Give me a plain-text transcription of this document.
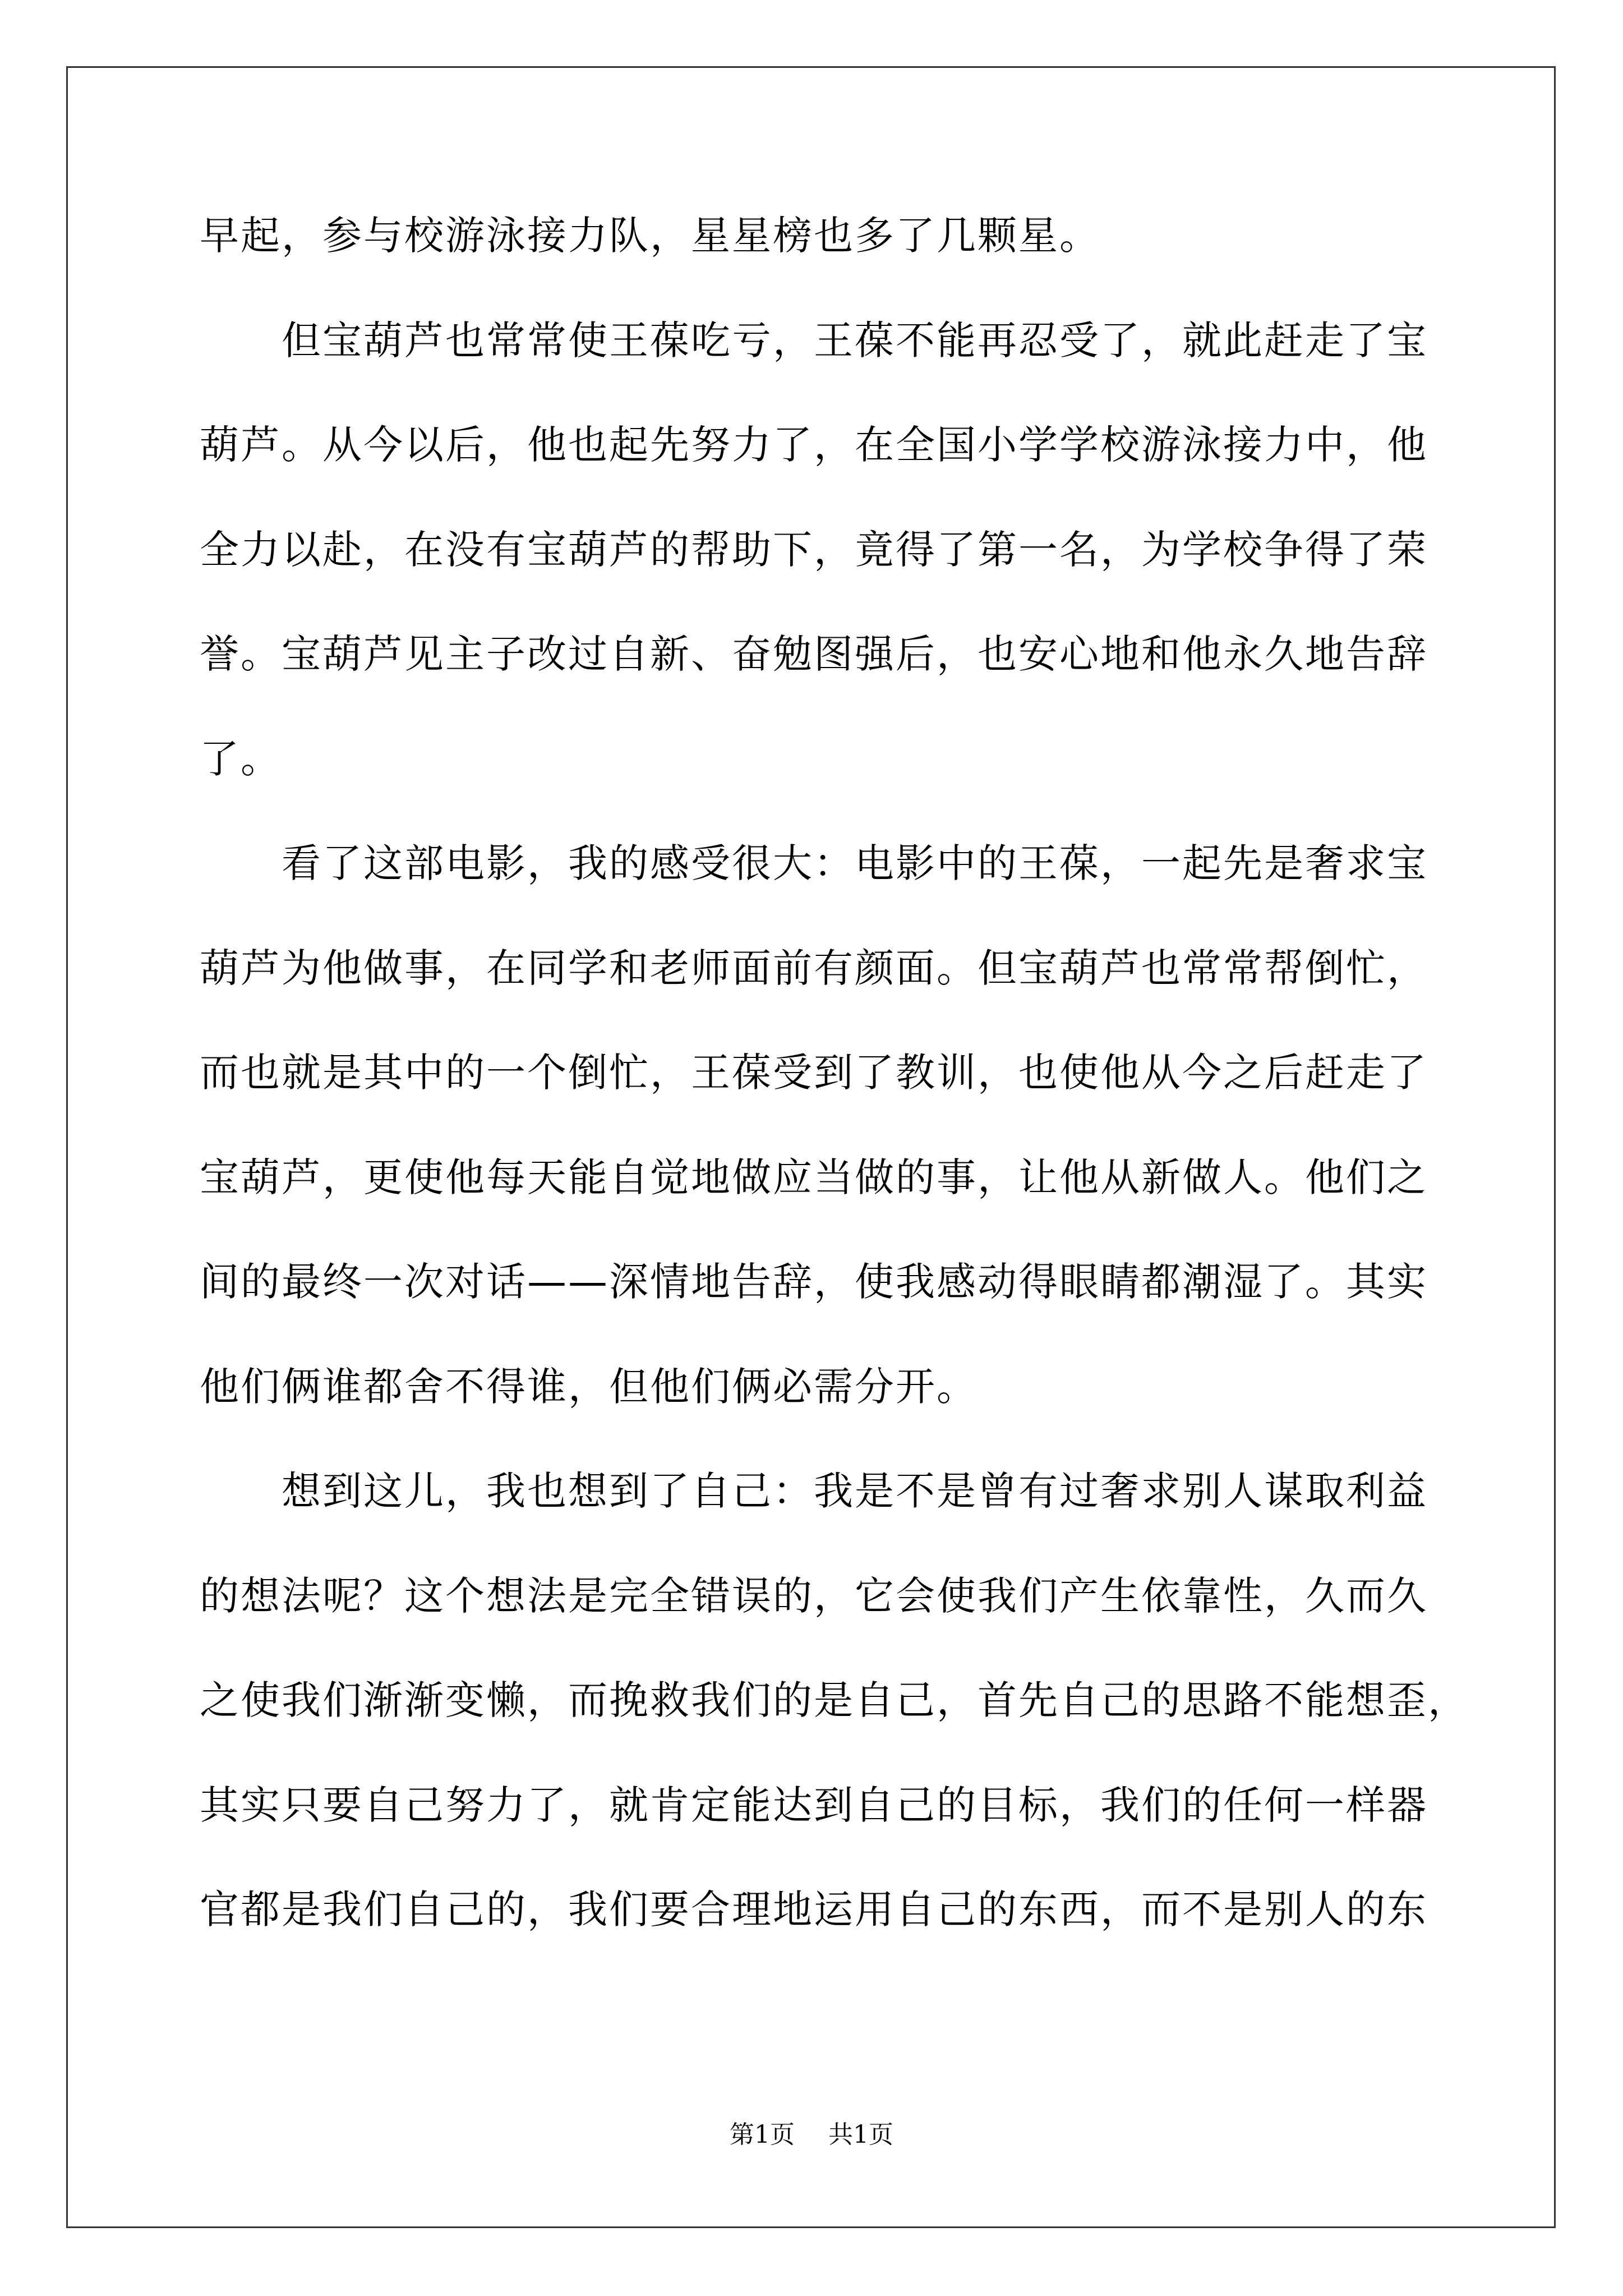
早起，参与校游泳接力队，星星榜也多了几颗星。
　　但宝葫芦也常常使王葆吃亏，王葆不能再忍受了，就此赶走了宝
葫芦。从今以后，他也起先努力了，在全国小学学校游泳接力中，他
全力以赴，在没有宝葫芦的帮助下，竟得了第一名，为学校争得了荣
誉。宝葫芦见主子改过自新、奋勉图强后，也安心地和他永久地告辞
了。
　　看了这部电影，我的感受很大：电影中的王葆，一起先是奢求宝
葫芦为他做事，在同学和老师面前有颜面。但宝葫芦也常常帮倒忙，
而也就是其中的一个倒忙，王葆受到了教训，也使他从今之后赶走了
宝葫芦，更使他每天能自觉地做应当做的事，让他从新做人。他们之
间的最终一次对话——深情地告辞，使我感动得眼睛都潮湿了。其实
他们俩谁都舍不得谁，但他们俩必需分开。
　　想到这儿，我也想到了自己：我是不是曾有过奢求别人谋取利益
的想法呢？这个想法是完全错误的，它会使我们产生依靠性，久而久
之使我们渐渐变懒，而挽救我们的是自己，首先自己的思路不能想歪，
其实只要自己努力了，就肯定能达到自己的目标，我们的任何一样器
官都是我们自己的，我们要合理地运用自己的东西，而不是别人的东
第1页 共1页
